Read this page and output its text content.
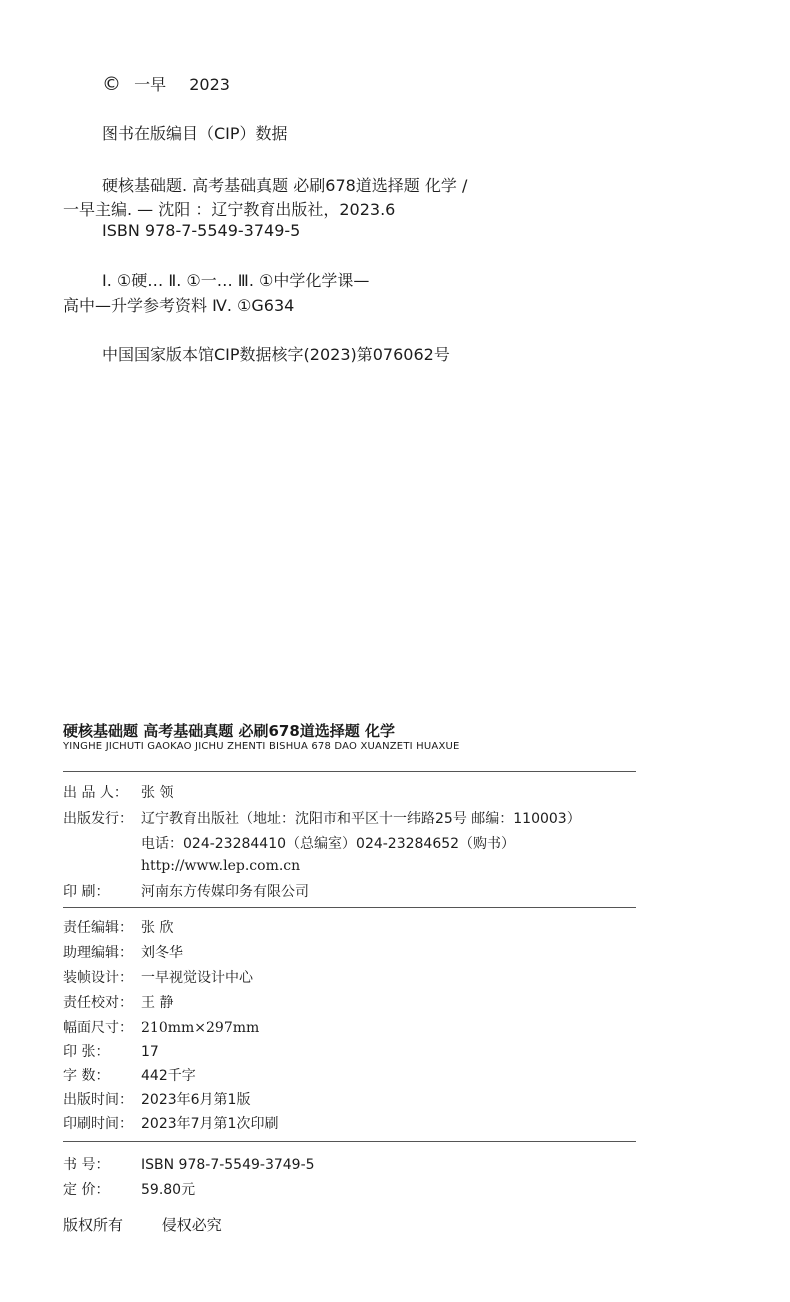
© 一早 2023
图书在版编目（CIP）数据
硬核基础题. 高考基础真题 必刷678道选择题 化学 /
一早主编. — 沈阳 ：辽宁教育出版社，2023.6
ISBN 978-7-5549-3749-5
Ⅰ. ①硬… Ⅱ. ①一… Ⅲ. ①中学化学课—
高中—升学参考资料 Ⅳ. ①G634
中国国家版本馆CIP数据核字(2023)第076062号
硬核基础题 高考基础真题 必刷678道选择题 化学
YINGHE JICHUTI GAOKAO JICHU ZHENTI BISHUA 678 DAO XUANZETI HUAXUE
出 品 人： 张 领
出版发行： 辽宁教育出版社（地址：沈阳市和平区十一纬路25号 邮编：110003）
电话：024-23284410（总编室）024-23284652（购书）
http://www.lep.com.cn
印 刷： 河南东方传媒印务有限公司
责任编辑： 张 欣
助理编辑： 刘冬华
装帧设计： 一早视觉设计中心
责任校对： 王 静
幅面尺寸： 210mm×297mm
印 张： 17
字 数： 442千字
出版时间： 2023年6月第1版
印刷时间： 2023年7月第1次印刷
书 号： ISBN 978-7-5549-3749-5
定 价： 59.80元
版权所有	侵权必究
